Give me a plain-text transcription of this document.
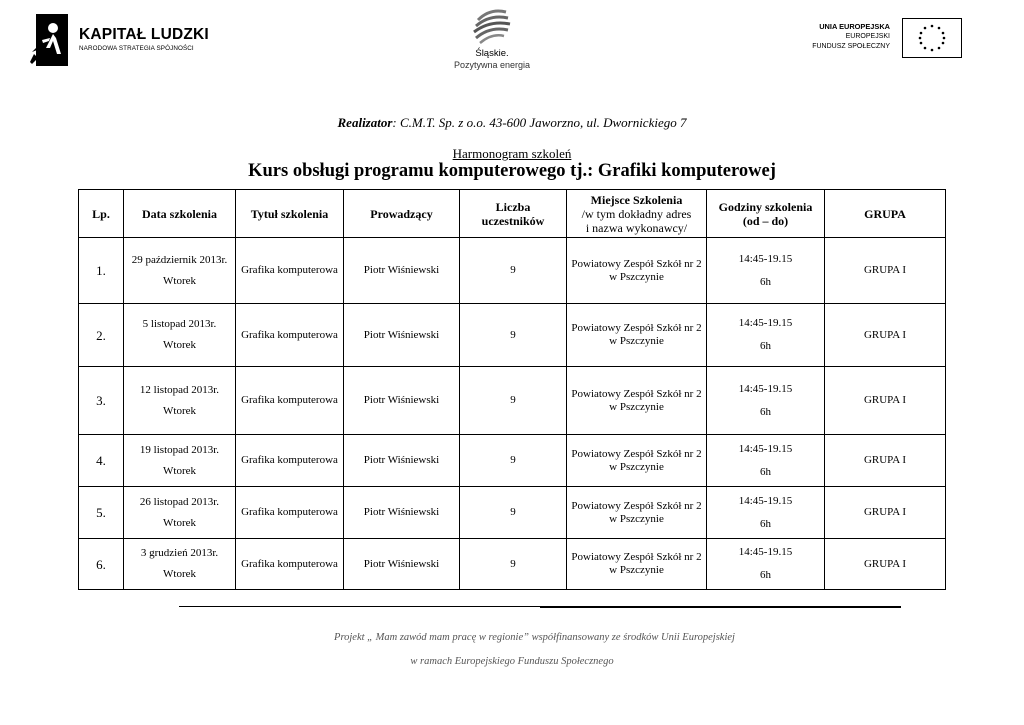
KAPITAŁ LUDZKI
NARODOWA STRATEGIA SPÓJNOŚCI	Śląskie.
Pozytywna energia
UNIA EUROPEJSKA
EUROPEJSKI
FUNDUSZ SPOŁECZNY
Realizator: C.M.T. Sp. z o.o. 43-600 Jaworzno, ul. Dwornickiego 7
Harmonogram szkoleń
Kurs obsługi programu komputerowego tj.: Grafiki komputerowej
Lp.	Data szkolenia	Tytuł szkolenia	Prowadzący	Liczba
uczestników	Miejsce Szkolenia
/w tym dokładny adres
i nazwa wykonawcy/	Godziny szkolenia
(od – do)	GRUPA
1.	29 październik 2013r.
Wtorek	Grafika komputerowa	Piotr Wiśniewski	9	Powiatowy Zespół Szkół nr 2
w Pszczynie	14:45-19.15
6h	GRUPA I
2.	5 listopad 2013r.
Wtorek	Grafika komputerowa	Piotr Wiśniewski	9	Powiatowy Zespół Szkół nr 2
w Pszczynie	14:45-19.15
6h	GRUPA I
3.	12 listopad 2013r.
Wtorek	Grafika komputerowa	Piotr Wiśniewski	9	Powiatowy Zespół Szkół nr 2
w Pszczynie	14:45-19.15
6h	GRUPA I
4.	19 listopad 2013r.
Wtorek	Grafika komputerowa	Piotr Wiśniewski	9	Powiatowy Zespół Szkół nr 2
w Pszczynie	14:45-19.15
6h	GRUPA I
5.	26 listopad 2013r.
Wtorek	Grafika komputerowa	Piotr Wiśniewski	9	Powiatowy Zespół Szkół nr 2
w Pszczynie	14:45-19.15
6h	GRUPA I
6.	3 grudzień 2013r.
Wtorek	Grafika komputerowa	Piotr Wiśniewski	9	Powiatowy Zespół Szkół nr 2
w Pszczynie	14:45-19.15
6h	GRUPA I
Projekt „ Mam zawód mam pracę w regionie” współfinansowany ze środków Unii Europejskiej
w ramach Europejskiego Funduszu Społecznego
